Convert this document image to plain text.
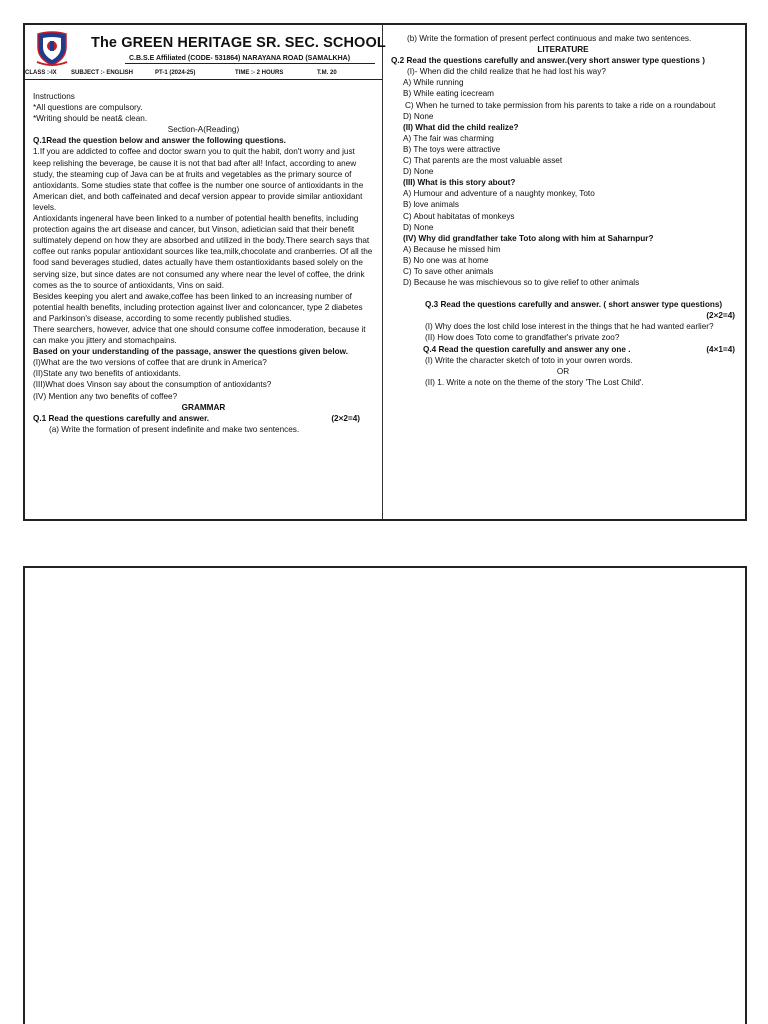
The GREEN HERITAGE SR. SEC. SCHOOL
C.B.S.E Affiliated (CODE- 531864) NARAYANA ROAD (SAMALKHA)
CLASS :-IX SUBJECT :- ENGLISH	PT-1 (2024-25)	TIME :- 2 HOURS	T.M. 20

Instructions

*All questions are compulsory.

*Writing should be neat& clean.

Section-A(Reading)

Q.1Read the question below and answer the following questions.

1.If you are addicted to coffee and doctor swarn you to quit the habit, don't worry and just keep relishing the beverage, be cause it is not that bad after all! Infact, according to anew study, the steaming cup of Java can be at fruits and vegetables as the primary source of antioxidants. Some studies state that coffee is the number one source of antioxidants in the American diet, and both caffeinated and decaf version appear to provide similar antioxidant levels.

Antioxidants ingeneral have been linked to a number of potential health benefits, including protection agains the art disease and cancer, but Vinson, adietician said that their benefit sultimately depend on how they are absorbed and utilized in the body.There search says that coffee out ranks popular antioxidant sources like tea,milk,chocolate and cranberries. Of all the food sand beverages studied, dates actually have them ostantioxidants based solely on the serving size, but since dates are not consumed any where near the level of coffee, the drink comes as the to source of antioxidants, Vins on said.

Besides keeping you alert and awake,coffee has been linked to an increasing number of potential health benefits, including protection against liver and coloncancer, type 2 diabetes and Parkinson's disease, according to some recently published studies.

There searchers, however, advice that one should consume coffee inmoderation, because it can make you jittery and stomachpains.

Based on your understanding of the passage, answer the questions given below.

(I)What are the two versions of coffee that are drunk in America?

(II)State any two benefits of antioxidants.

(III)What does Vinson say about the consumption of antioxidants?

(IV) Mention any two benefits of coffee?

GRAMMAR

Q.1 Read the questions carefully and answer.	(2×2=4)

(a) Write the formation of present indefinite and make two sentences.

(b) Write the formation of present perfect continuous and make two sentences.

LITERATURE

Q.2 Read the questions carefully and answer.(very short answer type questions )

(I)- When did the child realize that he had lost his way?

A) While running

B) While eating icecream

C) When he turned to take permission from his parents to take a ride on a roundabout

D) None

(II) What did the child realize?

A) The fair was charming

B) The toys were attractive

C) That parents are the most valuable asset

D) None

(III) What is this story about?

A) Humour and adventure of a naughty monkey, Toto

B) love animals

C) About habitatas of monkeys

D) None

(IV) Why did grandfather take Toto along with him at Saharnpur?

A) Because he missed him

B) No one was at home

C) To save other animals

D) Because he was mischievous so to give relief to other animals

Q.3 Read the questions carefully and answer. ( short answer type questions)

(2×2=4)

(I) Why does the lost child lose interest in the things that he had wanted earlier?

(II) How does Toto come to grandfather's private zoo?

Q.4 Read the question carefully and answer any one .	(4×1=4)

(I) Write the character sketch of toto in your owren words.

OR

(II) 1. Write a note on the theme of the story 'The Lost Child'.
